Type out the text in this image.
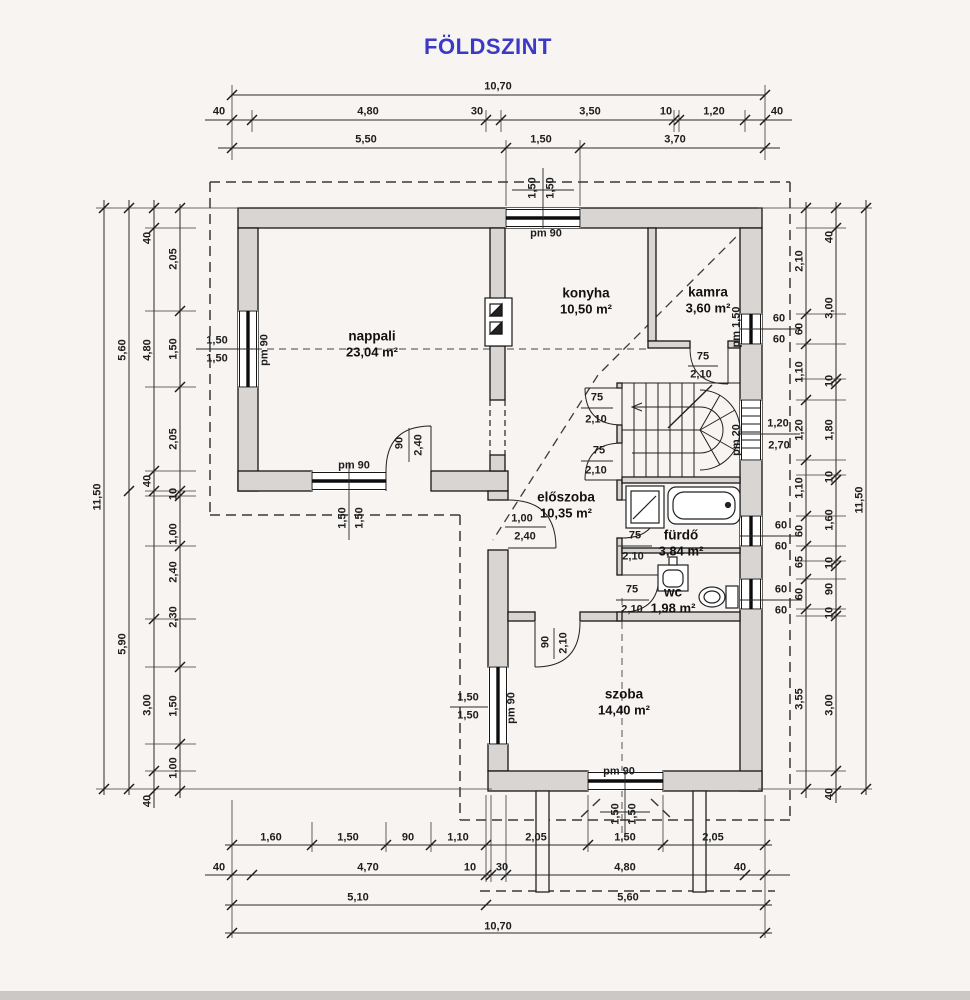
FÖLDSZINT
10,70
40	4,80	30	3,50	10	1,20	40
5,50	1,50	3,70
1,60	1,50	90	1,10	2,05	1,50	2,05
40	4,70	10 30	4,80	40
5,10	5,60
10,70
11,50
5,60
5,90
40
4,80
40
3,00
40
2,05
1,50
2,05
10
1,00
2,40
2,30
1,50
1,00
2,10
60
1,10
1,20
1,10
60
65
60
3,55
40
3,00
10
1,80
10
1,60
10
90
10
3,00
40
11,50
1,50 1,50
pm 90
1,50
1,50	pm 90
pm 90
1,50 1,50
90 2,40
1,00
2,40
1,50
1,50 pm 90
90 2,10
pm 90
1,50 1,50
pm 1,50	60
60
pm 20
1,20
2,70
60
60
60
60
75
2,10
75
2,10
75
2,10
75
2,10
75
2,10
nappali
23,04 m²
konyha
10,50 m²
kamra
3,60 m²
előszoba
10,35 m²
fürdő
3,84 m²
wc
1,98 m²
szoba
14,40 m²
